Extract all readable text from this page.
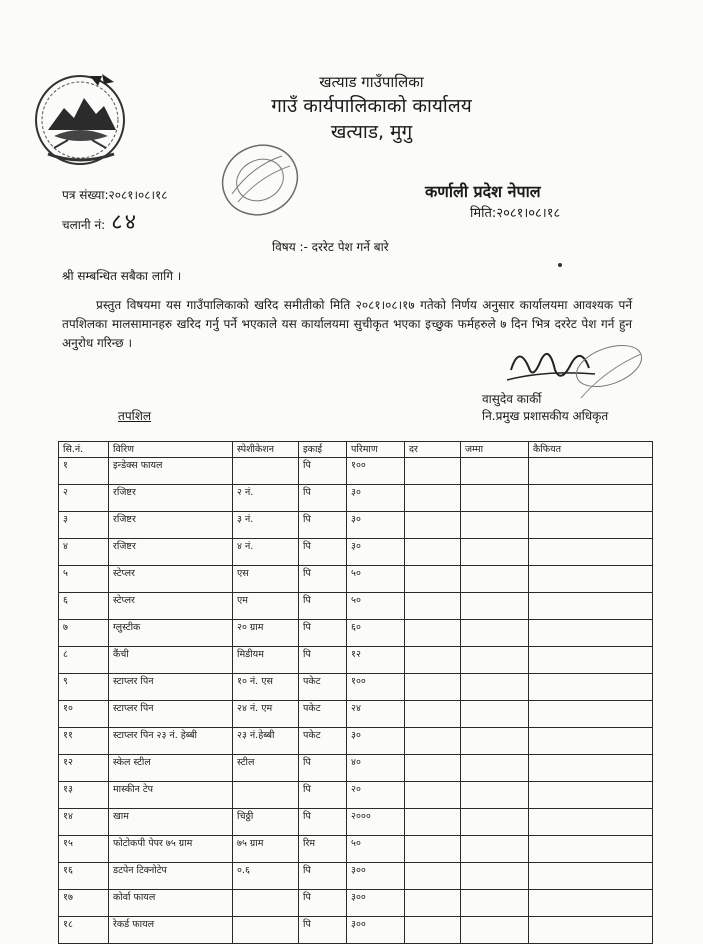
खत्याड गाउँपालिका
गाउँ कार्यपालिकाको कार्यालय
खत्याड, मुगु
पत्र संख्या:२०८१।०८।१८
चलानी नं: ८४
कर्णाली प्रदेश नेपाल
मिति:२०८१।०८।१८
विषय :- दररेट पेश गर्ने बारे
श्री सम्बन्धित सबैका लागि ।
प्रस्तुत विषयमा यस गाउँपालिकाको खरिद समीतीको मिति २०८१।०८।१७ गतेको निर्णय अनुसार कार्यालयमा आवश्यक पर्ने तपशिलका मालसामानहरु खरिद गर्नु पर्ने भएकाले यस कार्यालयमा सुचीकृत भएका इच्छुक फर्महरुले ७ दिन भित्र दररेट पेश गर्न हुन अनुरोध गरिन्छ ।
वासुदेव कार्की
नि.प्रमुख प्रशासकीय अधिकृत
तपशिल
सि.नं.	विरिण	स्पेशीकेशन	इकाई	परिमाण	दर	जम्मा	कैफियत
१	इन्डेक्स फायल		पि	१००			
२	रजिष्टर	२ नं.	पि	३०			
३	रजिष्टर	३ नं.	पि	३०			
४	रजिष्टर	४ नं.	पि	३०			
५	स्टेप्लर	एस	पि	५०			
६	स्टेप्लर	एम	पि	५०			
७	ग्लुस्टीक	२० ग्राम	पि	६०			
८	कैंची	मिडीयम	पि	१२			
९	स्टाप्लर पिन	१० नं. एस	पकेट	१००			
१०	स्टाप्लर पिन	२४ नं. एम	पकेट	२४			
११	स्टाप्लर पिन २३ नं. हेब्बी	२३ नं.हेब्बी	पकेट	३०			
१२	स्केल स्टील	स्टील	पि	४०			
१३	मास्कीन टेप		पि	२०			
१४	खाम	चिठ्ठी	पि	२०००			
१५	फोटोकपी पेपर ७५ ग्राम	७५ ग्राम	रिम	५०			
१६	डटपेन टिक्नोटेप	०.६	पि	३००			
१७	कोर्वा फायल		पि	३००			
१८	रेकर्ड फायल		पि	३००			
